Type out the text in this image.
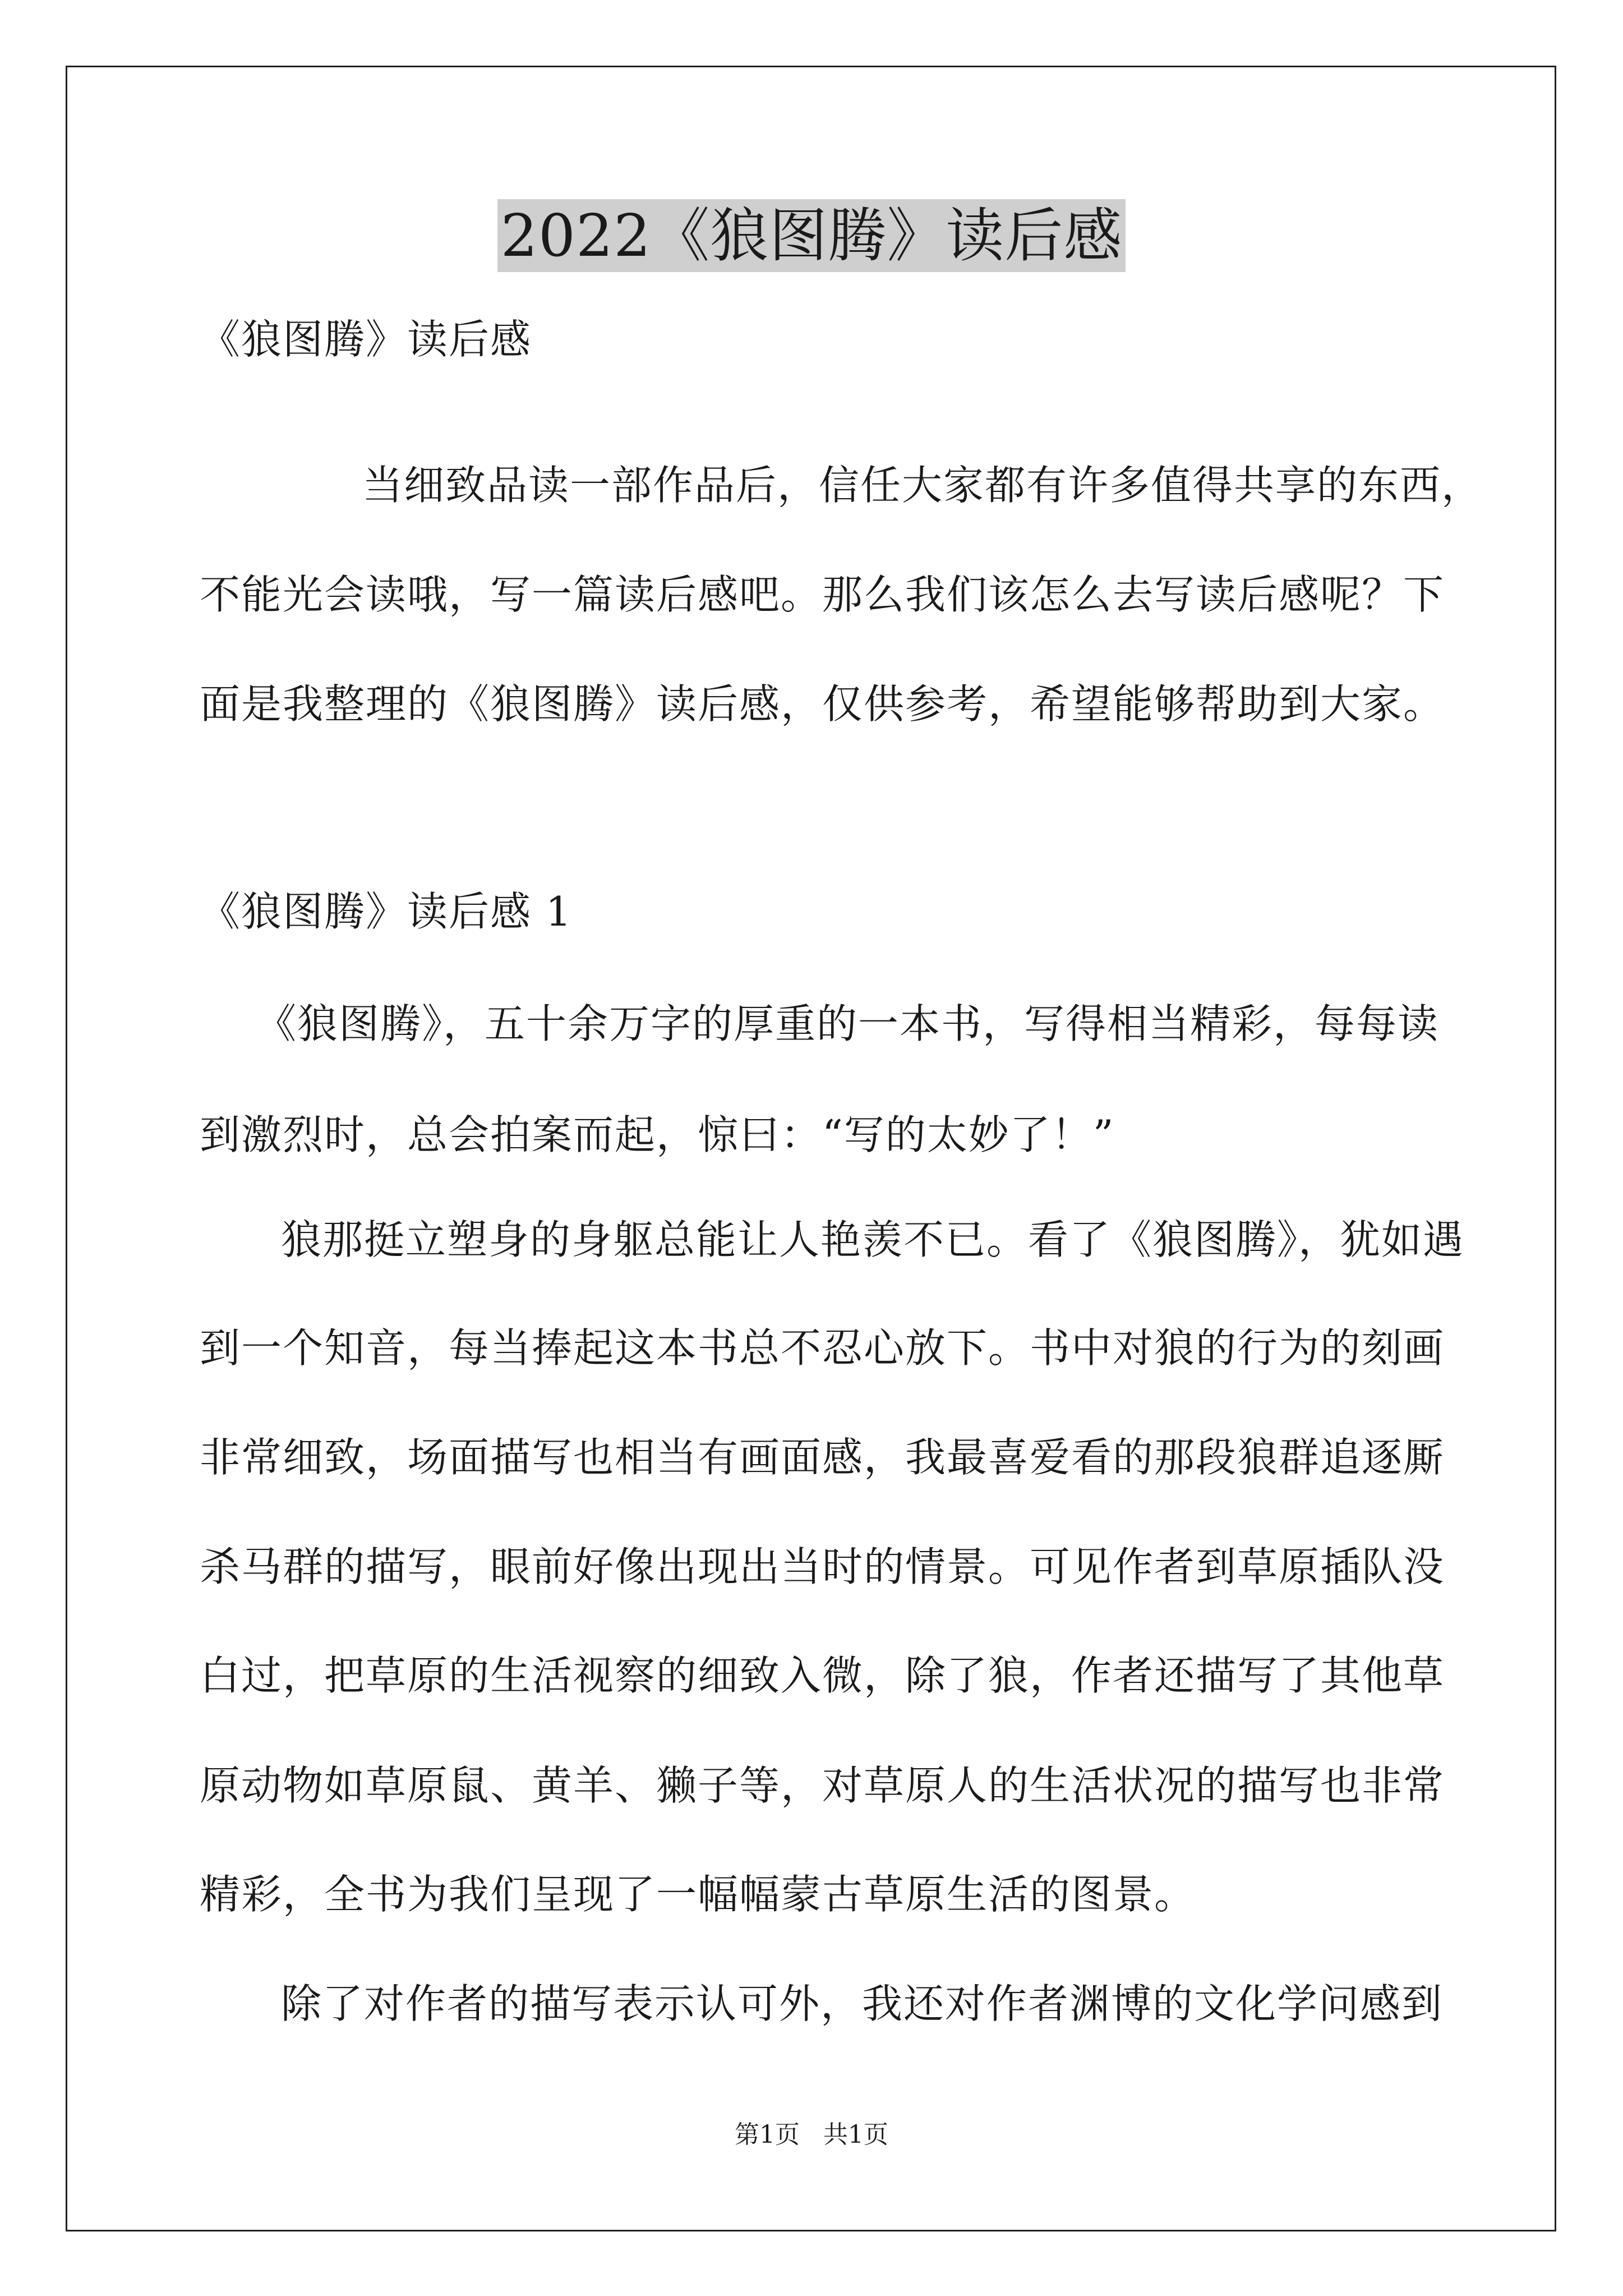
2022《狼图腾》读后感
《狼图腾》读后感
当细致品读一部作品后，信任大家都有许多值得共享的东西，
不能光会读哦，写一篇读后感吧。那么我们该怎么去写读后感呢？下
面是我整理的《狼图腾》读后感，仅供参考，希望能够帮助到大家。
《狼图腾》读后感 1
《狼图腾》，五十余万字的厚重的一本书，写得相当精彩，每每读
到激烈时，总会拍案而起，惊曰：“写的太妙了！”
狼那挺立塑身的身躯总能让人艳羡不已。看了《狼图腾》，犹如遇
到一个知音，每当捧起这本书总不忍心放下。书中对狼的行为的刻画
非常细致，场面描写也相当有画面感，我最喜爱看的那段狼群追逐厮
杀马群的描写，眼前好像出现出当时的情景。可见作者到草原插队没
白过，把草原的生活视察的细致入微，除了狼，作者还描写了其他草
原动物如草原鼠、黄羊、獭子等，对草原人的生活状况的描写也非常
精彩，全书为我们呈现了一幅幅蒙古草原生活的图景。
除了对作者的描写表示认可外，我还对作者渊博的文化学问感到
第1页   共1页
